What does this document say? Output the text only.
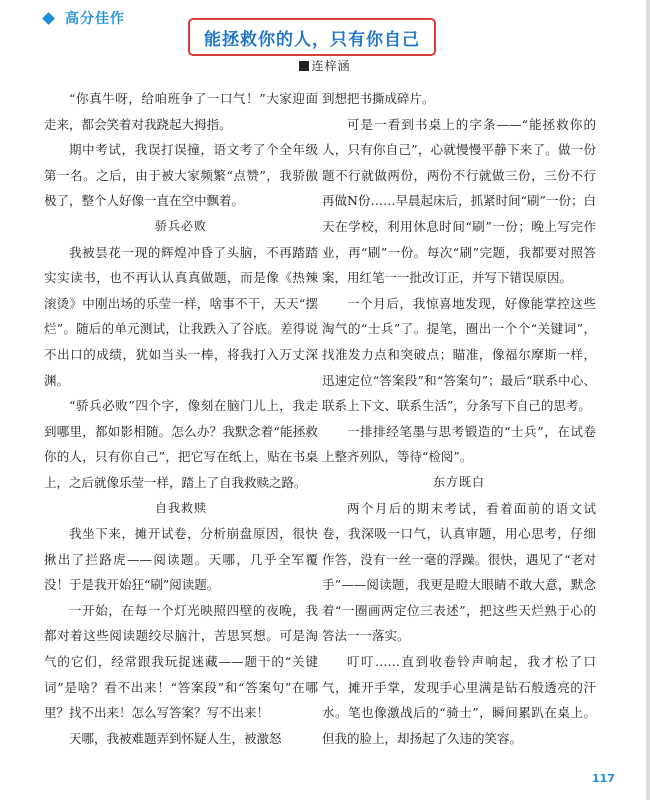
高分佳作
能拯救你的人，只有你自己
连梓涵

“你真牛呀，给咱班争了一口气！”大家迎面走来，都会笑着对我跷起大拇指。

期中考试，我误打误撞，语文考了个全年级第一名。之后，由于被大家频繁“点赞”，我骄傲极了，整个人好像一直在空中飘着。

骄兵必败

我被昙花一现的辉煌冲昏了头脑，不再踏踏实实读书，也不再认认真真做题，而是像《热辣滚烫》中刚出场的乐莹一样，啥事不干，天天“摆烂”。随后的单元测试，让我跌入了谷底。差得说不出口的成绩，犹如当头一棒，将我打入万丈深渊。

“骄兵必败”四个字，像刻在脑门儿上，我走到哪里，都如影相随。怎么办？我默念着“能拯救你的人，只有你自己”，把它写在纸上，贴在书桌上，之后就像乐莹一样，踏上了自我救赎之路。

自我救赎

我坐下来，摊开试卷，分析崩盘原因，很快揪出了拦路虎——阅读题。天哪，几乎全军覆没！于是我开始狂“刷”阅读题。

一开始，在每一个灯光映照四壁的夜晚，我都对着这些阅读题绞尽脑汁，苦思冥想。可是淘气的它们，经常跟我玩捉迷藏——题干的“关键词”是啥？看不出来！“答案段”和“答案句”在哪里？找不出来！怎么写答案？写不出来！

天哪，我被难题弄到怀疑人生，被激怒

到想把书撕成碎片。

可是一看到书桌上的字条——“能拯救你的人，只有你自己”，心就慢慢平静下来了。做一份题不行就做两份，两份不行就做三份，三份不行再做N份……早晨起床后，抓紧时间“刷”一份；白天在学校，利用休息时间“刷”一份；晚上写完作业，再“刷”一份。每次“刷”完题，我都要对照答案，用红笔一一批改订正，并写下错误原因。

一个月后，我惊喜地发现，好像能掌控这些淘气的“士兵”了。提笔，圈出一个个“关键词”，找准发力点和突破点；瞄准，像福尔摩斯一样，迅速定位“答案段”和“答案句”；最后“联系中心、联系上下文、联系生活”，分条写下自己的思考。

一排排经笔墨与思考锻造的“士兵”，在试卷上整齐列队，等待“检阅”。

东方既白

两个月后的期末考试，看着面前的语文试卷，我深吸一口气，认真审题，用心思考，仔细作答，没有一丝一毫的浮躁。很快，遇见了“老对手”——阅读题，我更是瞪大眼睛不敢大意，默念着“一圈画两定位三表述”，把这些天烂熟于心的答法一一落实。

叮叮……直到收卷铃声响起，我才松了口气，摊开手掌，发现手心里满是钻石般透亮的汗水。笔也像激战后的“骑士”，瞬间累趴在桌上。但我的脸上，却扬起了久违的笑容。

117
